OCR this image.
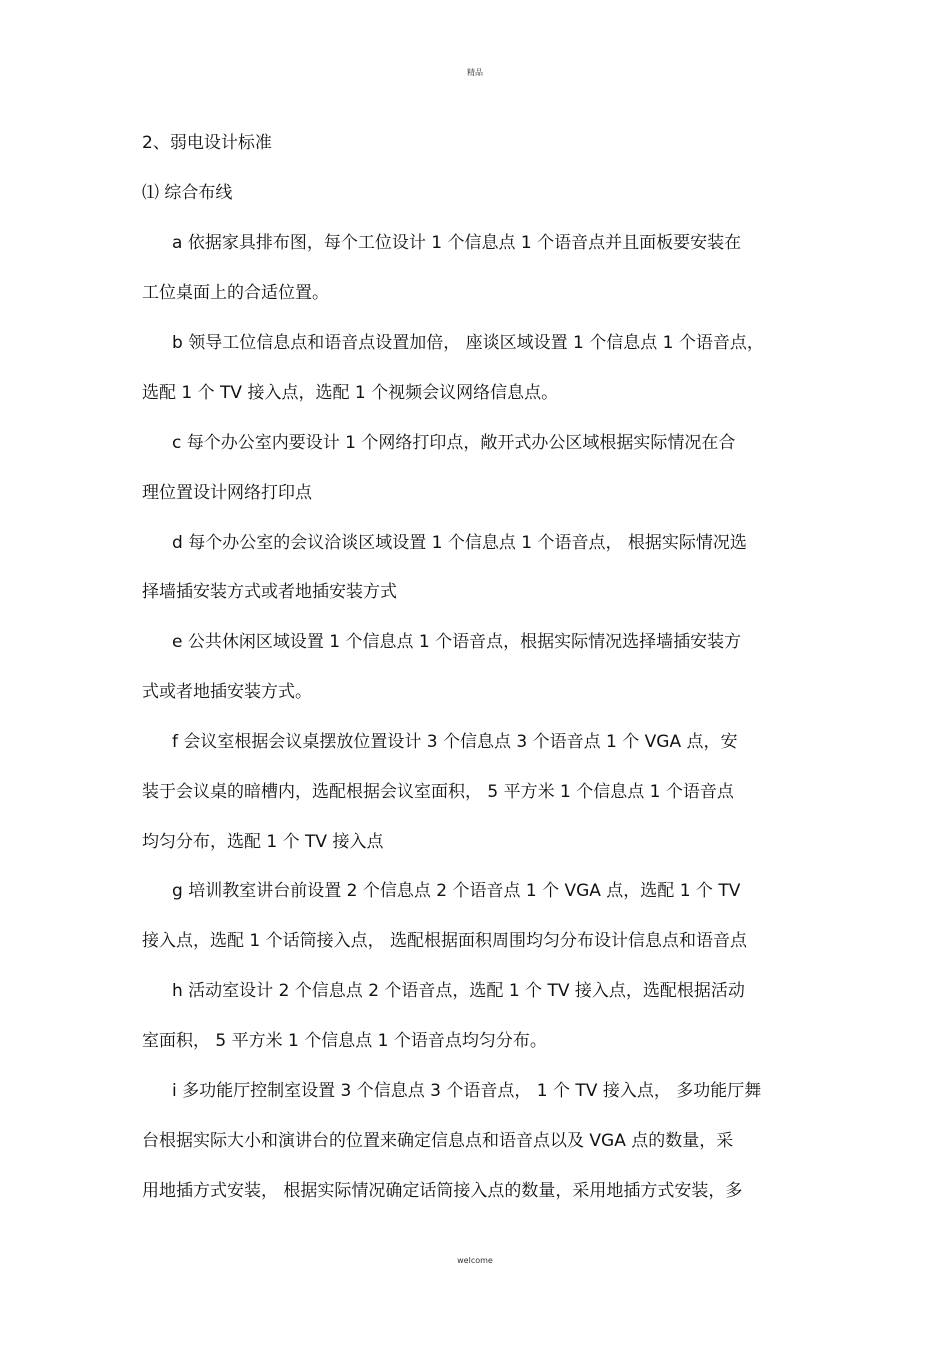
精品
2、弱电设计标准
⑴ 综合布线
a 依据家具排布图，每个工位设计 1 个信息点 1 个语音点并且面板要安装在
工位桌面上的合适位置。
b 领导工位信息点和语音点设置加倍， 座谈区域设置 1 个信息点 1 个语音点，
选配 1 个 TV 接入点，选配 1 个视频会议网络信息点。
c 每个办公室内要设计 1 个网络打印点，敞开式办公区域根据实际情况在合
理位置设计网络打印点
d 每个办公室的会议洽谈区域设置 1 个信息点 1 个语音点， 根据实际情况选
择墙插安装方式或者地插安装方式
e 公共休闲区域设置 1 个信息点 1 个语音点，根据实际情况选择墙插安装方
式或者地插安装方式。
f 会议室根据会议桌摆放位置设计 3 个信息点 3 个语音点 1 个 VGA 点，安
装于会议桌的暗槽内，选配根据会议室面积， 5 平方米 1 个信息点 1 个语音点
均匀分布，选配 1 个 TV 接入点
g 培训教室讲台前设置 2 个信息点 2 个语音点 1 个 VGA 点，选配 1 个 TV
接入点，选配 1 个话筒接入点， 选配根据面积周围均匀分布设计信息点和语音点
h 活动室设计 2 个信息点 2 个语音点，选配 1 个 TV 接入点，选配根据活动
室面积， 5 平方米 1 个信息点 1 个语音点均匀分布。
i 多功能厅控制室设置 3 个信息点 3 个语音点， 1 个 TV 接入点， 多功能厅舞
台根据实际大小和演讲台的位置来确定信息点和语音点以及 VGA 点的数量，采
用地插方式安装， 根据实际情况确定话筒接入点的数量，采用地插方式安装，多
welcome
